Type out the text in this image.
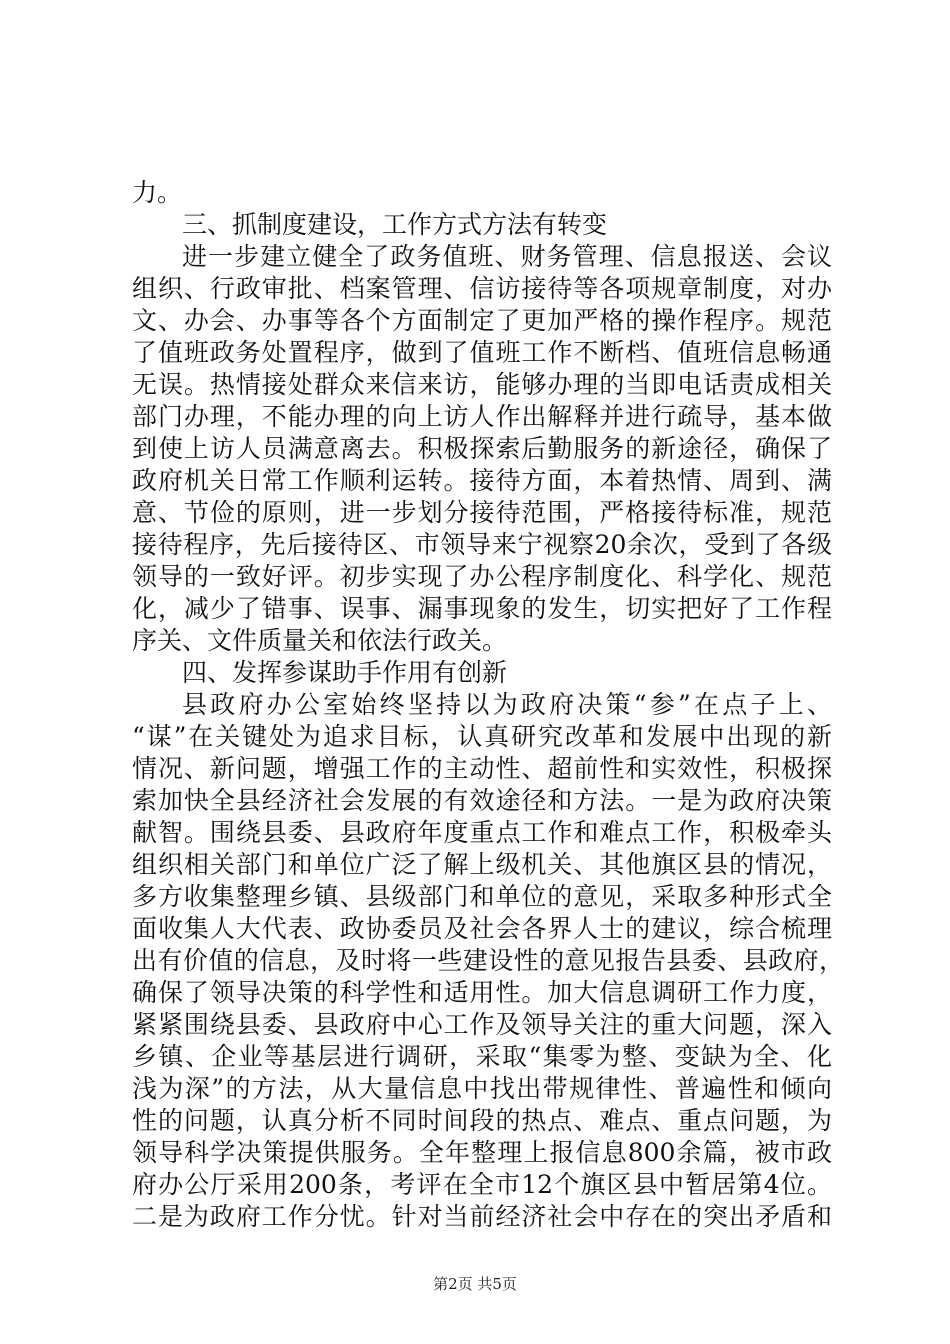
力。
三、抓制度建设，工作方式方法有转变
进一步建立健全了政务值班、财务管理、信息报送、会议
组织、行政审批、档案管理、信访接待等各项规章制度，对办
文、办会、办事等各个方面制定了更加严格的操作程序。规范
了值班政务处置程序，做到了值班工作不断档、值班信息畅通
无误。热情接处群众来信来访，能够办理的当即电话责成相关
部门办理，不能办理的向上访人作出解释并进行疏导，基本做
到使上访人员满意离去。积极探索后勤服务的新途径，确保了
政府机关日常工作顺利运转。接待方面，本着热情、周到、满
意、节俭的原则，进一步划分接待范围，严格接待标准，规范
接待程序，先后接待区、市领导来宁视察20余次，受到了各级
领导的一致好评。初步实现了办公程序制度化、科学化、规范
化，减少了错事、误事、漏事现象的发生，切实把好了工作程
序关、文件质量关和依法行政关。
四、发挥参谋助手作用有创新
县政府办公室始终坚持以为政府决策“参”在点子上、
“谋”在关键处为追求目标，认真研究改革和发展中出现的新
情况、新问题，增强工作的主动性、超前性和实效性，积极探
索加快全县经济社会发展的有效途径和方法。一是为政府决策
献智。围绕县委、县政府年度重点工作和难点工作，积极牵头
组织相关部门和单位广泛了解上级机关、其他旗区县的情况，
多方收集整理乡镇、县级部门和单位的意见，采取多种形式全
面收集人大代表、政协委员及社会各界人士的建议，综合梳理
出有价值的信息，及时将一些建设性的意见报告县委、县政府，
确保了领导决策的科学性和适用性。加大信息调研工作力度，
紧紧围绕县委、县政府中心工作及领导关注的重大问题，深入
乡镇、企业等基层进行调研，采取“集零为整、变缺为全、化
浅为深”的方法，从大量信息中找出带规律性、普遍性和倾向
性的问题，认真分析不同时间段的热点、难点、重点问题，为
领导科学决策提供服务。全年整理上报信息800余篇，被市政
府办公厅采用200条，考评在全市12个旗区县中暂居第4位。
二是为政府工作分忧。针对当前经济社会中存在的突出矛盾和
第2页 共5页
